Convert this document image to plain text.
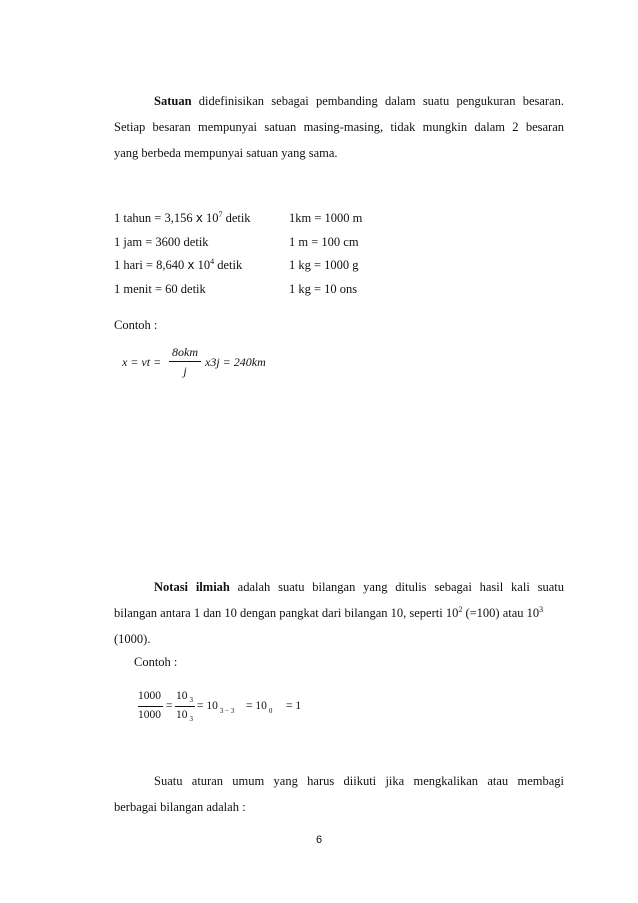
Satuan didefinisikan sebagai pembanding dalam suatu pengukuran besaran.
Setiap besaran mempunyai satuan masing-masing, tidak mungkin dalam 2 besaran
yang berbeda mempunyai satuan yang sama.
1 tahun = 3,156 x $10^7$ detik	1km = 1000 m
1 jam = 3600 detik	1 m = 100 cm
1 hari = 8,640 x $10^4$ detik	1 kg = 1000 g
1 menit = 60 detik	1 kg = 10 ons
Contoh :
x = vt =
8okm
j
x3j = 240km
Notasi ilmiah adalah suatu bilangan yang ditulis sebagai hasil kali suatu
bilangan antara 1 dan 10 dengan pangkat dari bilangan 10, seperti $10^2$ (=100) atau $10^3$
(1000).
Contoh :
1000
1000
=
10 $_3$
10 $_3$
= 10 $_{3 - 3}$ = 10 $_0$ = 1
Suatu aturan umum yang harus diikuti jika mengkalikan atau membagi
berbagai bilangan adalah :
6
